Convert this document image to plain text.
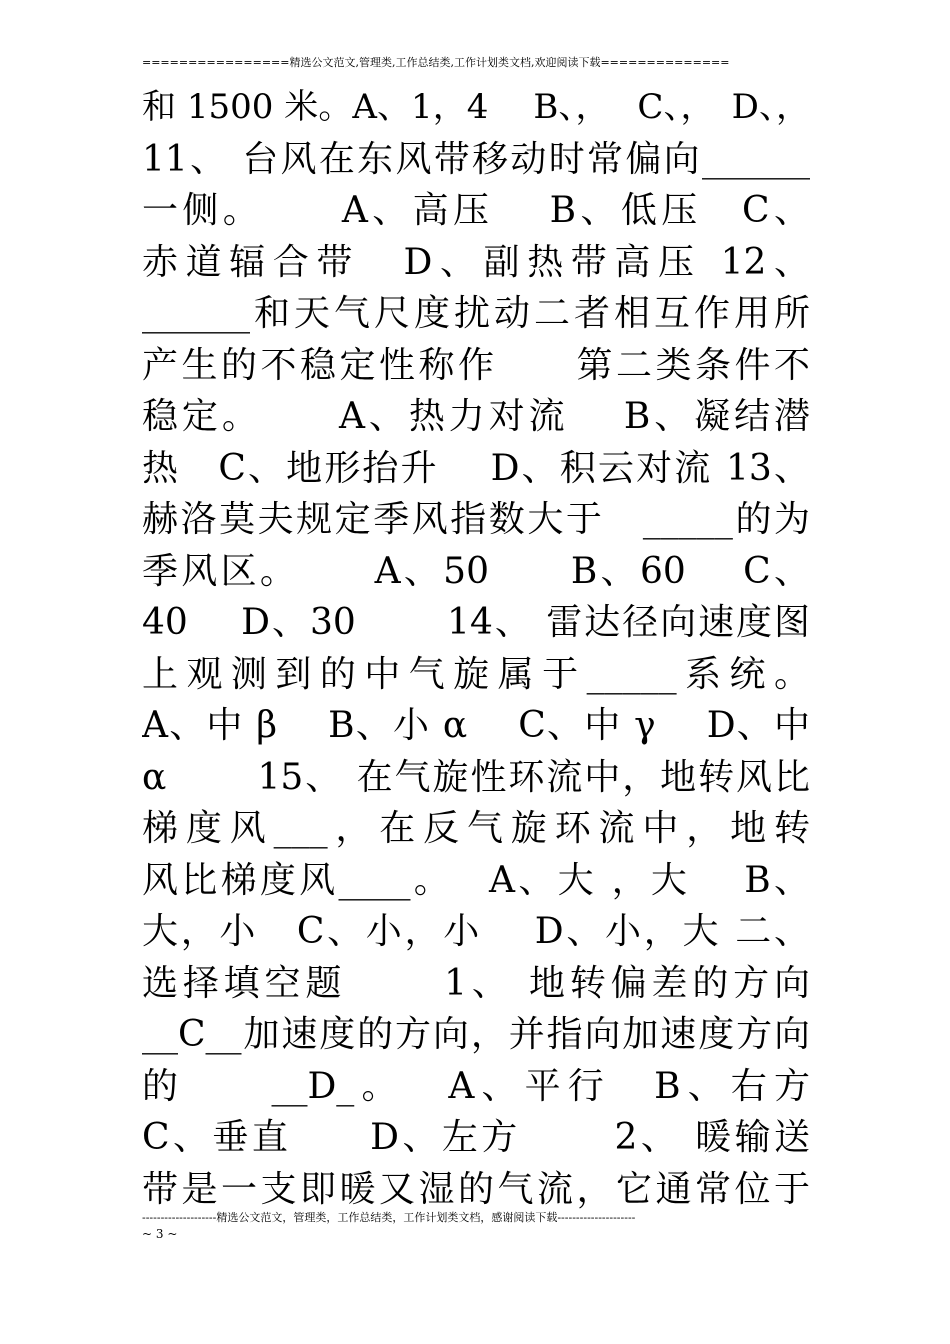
================精选公文范文,管理类,工作总结类,工作计划类文档,欢迎阅读下载==============
和 1500 米。A、1，4　 B、，　 C、，　D、，
11、 台风在东风带移动时常偏向______
一侧。　　 A、高压　 B、低压　C、
赤道辐合带　D、副热带高压 12、
______和天气尺度扰动二者相互作用所
产生的不稳定性称作　　第二类条件不
稳定。　　 A、热力对流　 B、凝结潜
热　C、地形抬升　 D、积云对流 13、
赫洛莫夫规定季风指数大于　_____的为
季风区。　　 A、50　　B、60　 C、
40　 D、30　　 14、 雷达径向速度图
上观测到的中气旋属于_____系统。
A、中 β　 B、小 α　 C、中 γ　 D、中
α　　 15、 在气旋性环流中，地转风比
梯度风___，在反气旋环流中，地转
风比梯度风____。　 A、大 ，大　 B、
大，小　C、小，小　 D、小，大 二、
选择填空题　　 1、 地转偏差的方向
__C__加速度的方向，并指向加速度方向
的　　__D_。　 A、平行　B、右方
C、垂直　　D、左方　　 2、 暖输送
带是一支即暖又湿的气流，它通常位于
--------------------精选公文范文，管理类，工作总结类，工作计划类文档，感谢阅读下载---------------------
~ 3 ~
